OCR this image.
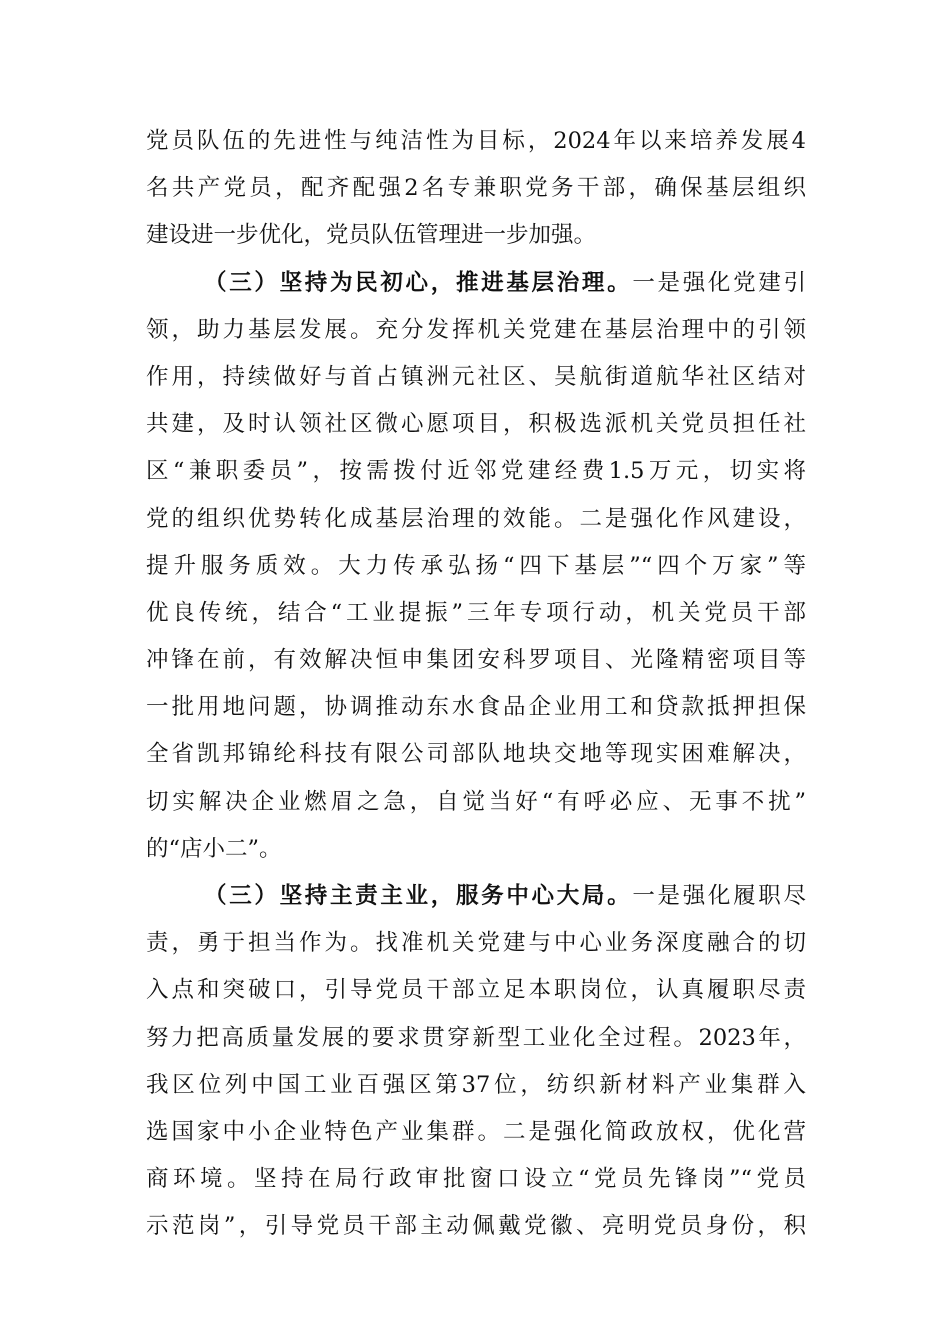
党员队伍的先进性与纯洁性为目标，2024年以来培养发展4
名共产党员，配齐配强2名专兼职党务干部，确保基层组织
建设进一步优化，党员队伍管理进一步加强。
（三）坚持为民初心，推进基层治理。一是强化党建引
领，助力基层发展。充分发挥机关党建在基层治理中的引领
作用，持续做好与首占镇洲元社区、吴航街道航华社区结对
共建，及时认领社区微心愿项目，积极选派机关党员担任社
区“兼职委员”，按需拨付近邻党建经费1.5万元，切实将
党的组织优势转化成基层治理的效能。二是强化作风建设，
提升服务质效。大力传承弘扬“四下基层”“四个万家”等
优良传统，结合“工业提振”三年专项行动，机关党员干部
冲锋在前，有效解决恒申集团安科罗项目、光隆精密项目等
一批用地问题，协调推动东水食品企业用工和贷款抵押担保
全省凯邦锦纶科技有限公司部队地块交地等现实困难解决，
切实解决企业燃眉之急，自觉当好“有呼必应、无事不扰”
的“店小二”。
（三）坚持主责主业，服务中心大局。一是强化履职尽
责，勇于担当作为。找准机关党建与中心业务深度融合的切
入点和突破口，引导党员干部立足本职岗位，认真履职尽责
努力把高质量发展的要求贯穿新型工业化全过程。2023年，
我区位列中国工业百强区第37位，纺织新材料产业集群入
选国家中小企业特色产业集群。二是强化简政放权，优化营
商环境。坚持在局行政审批窗口设立“党员先锋岗”“党员
示范岗”，引导党员干部主动佩戴党徽、亮明党员身份，积
